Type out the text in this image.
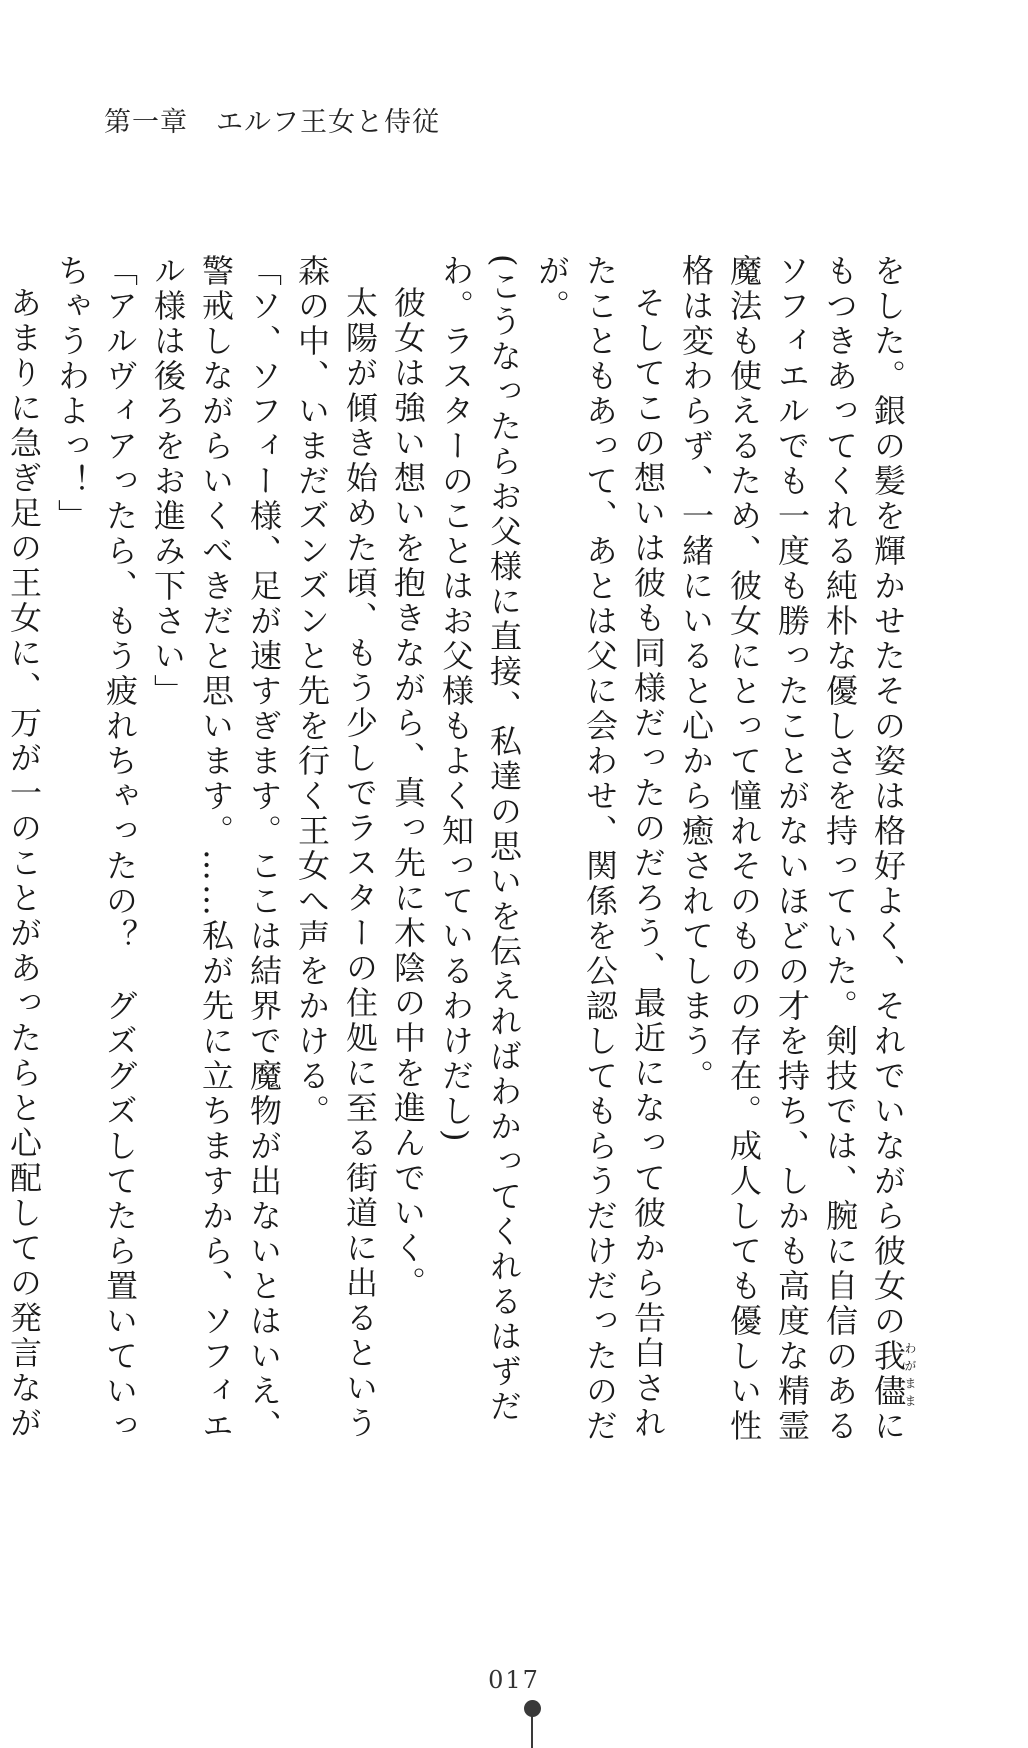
第一章　エルフ王女と侍従

をした。銀の髪を輝かせたその姿は格好よく、それでいながら彼女の我儘わがままにもつきあってくれる純朴な優しさを持っていた。剣技では、腕に自信のあるソフィエルでも一度も勝ったことがないほどの才を持ち、しかも高度な精霊魔法も使えるため、彼女にとって憧れそのものの存在。成人しても優しい性格は変わらず、一緒にいると心から癒されてしまう。

そしてこの想いは彼も同様だったのだろう、最近になって彼から告白されたこともあって、あとは父に会わせ、関係を公認してもらうだけだったのだが。

(こうなったらお父様に直接、私達の思いを伝えればわかってくれるはずだわ。ラスターのことはお父様もよく知っているわけだし)

彼女は強い想いを抱きながら、真っ先に木陰の中を進んでいく。

太陽が傾き始めた頃、もう少しでラスターの住処に至る街道に出るという森の中、いまだズンズンと先を行く王女へ声をかける。

「ソ、ソフィー様、足が速すぎます。ここは結界で魔物が出ないとはいえ、警戒しながらいくべきだと思います。……私が先に立ちますから、ソフィエル様は後ろをお進み下さい」

「アルヴィアったら、もう疲れちゃったの？　グズグズしてたら置いていっちゃうわよっ！」

あまりに急ぎ足の王女に、万が一のことがあったらと心配しての発言なが

017
